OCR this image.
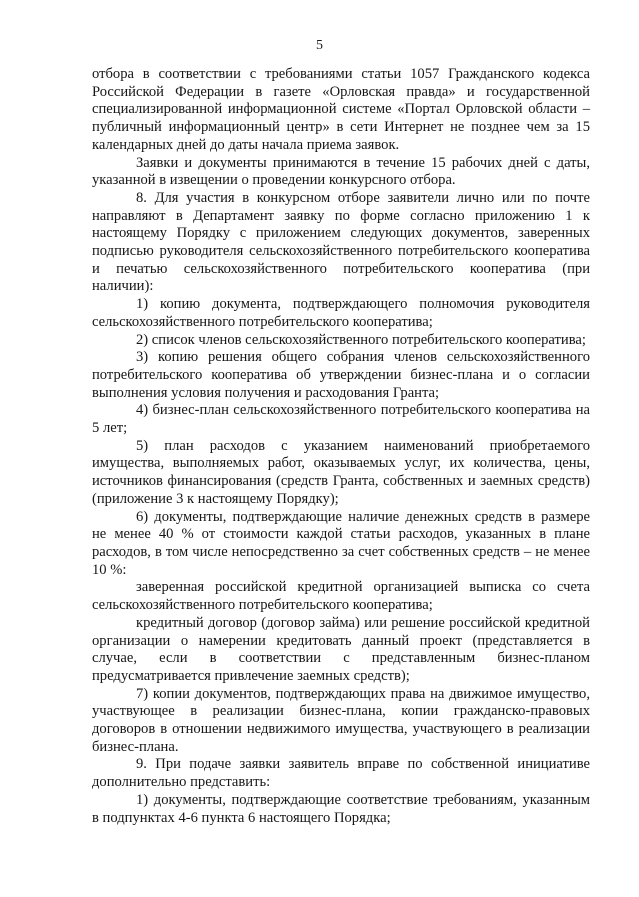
5

отбора в соответствии с требованиями статьи 1057 Гражданского кодекса Российской Федерации в газете «Орловская правда» и государственной специализированной информационной системе «Портал Орловской области – публичный информационный центр» в сети Интернет не позднее чем за 15 календарных дней до даты начала приема заявок.

Заявки и документы принимаются в течение 15 рабочих дней с даты, указанной в извещении о проведении конкурсного отбора.

8. Для участия в конкурсном отборе заявители лично или по почте направляют в Департамент заявку по форме согласно приложению 1 к настоящему Порядку с приложением следующих документов, заверенных подписью руководителя сельскохозяйственного потребительского кооператива и печатью сельскохозяйственного потребительского кооператива (при наличии):

1) копию документа, подтверждающего полномочия руководителя сельскохозяйственного потребительского кооператива;

2) список членов сельскохозяйственного потребительского кооператива;

3) копию решения общего собрания членов сельскохозяйственного потребительского кооператива об утверждении бизнес-плана и о согласии выполнения условия получения и расходования Гранта;

4) бизнес-план сельскохозяйственного потребительского кооператива на 5 лет;

5) план расходов с указанием наименований приобретаемого имущества, выполняемых работ, оказываемых услуг, их количества, цены, источников финансирования (средств Гранта, собственных и заемных средств) (приложение 3 к настоящему Порядку);

6) документы, подтверждающие наличие денежных средств в размере не менее 40 % от стоимости каждой статьи расходов, указанных в плане расходов, в том числе непосредственно за счет собственных средств – не менее 10 %:

заверенная российской кредитной организацией выписка со счета сельскохозяйственного потребительского кооператива;

кредитный договор (договор займа) или решение российской кредитной организации о намерении кредитовать данный проект (представляется в случае, если в соответствии с представленным бизнес-планом предусматривается привлечение заемных средств);

7) копии документов, подтверждающих права на движимое имущество, участвующее в реализации бизнес-плана, копии гражданско-правовых договоров в отношении недвижимого имущества, участвующего в реализации бизнес-плана.

9. При подаче заявки заявитель вправе по собственной инициативе дополнительно представить:

1) документы, подтверждающие соответствие требованиям, указанным в подпунктах 4-6 пункта 6 настоящего Порядка;
